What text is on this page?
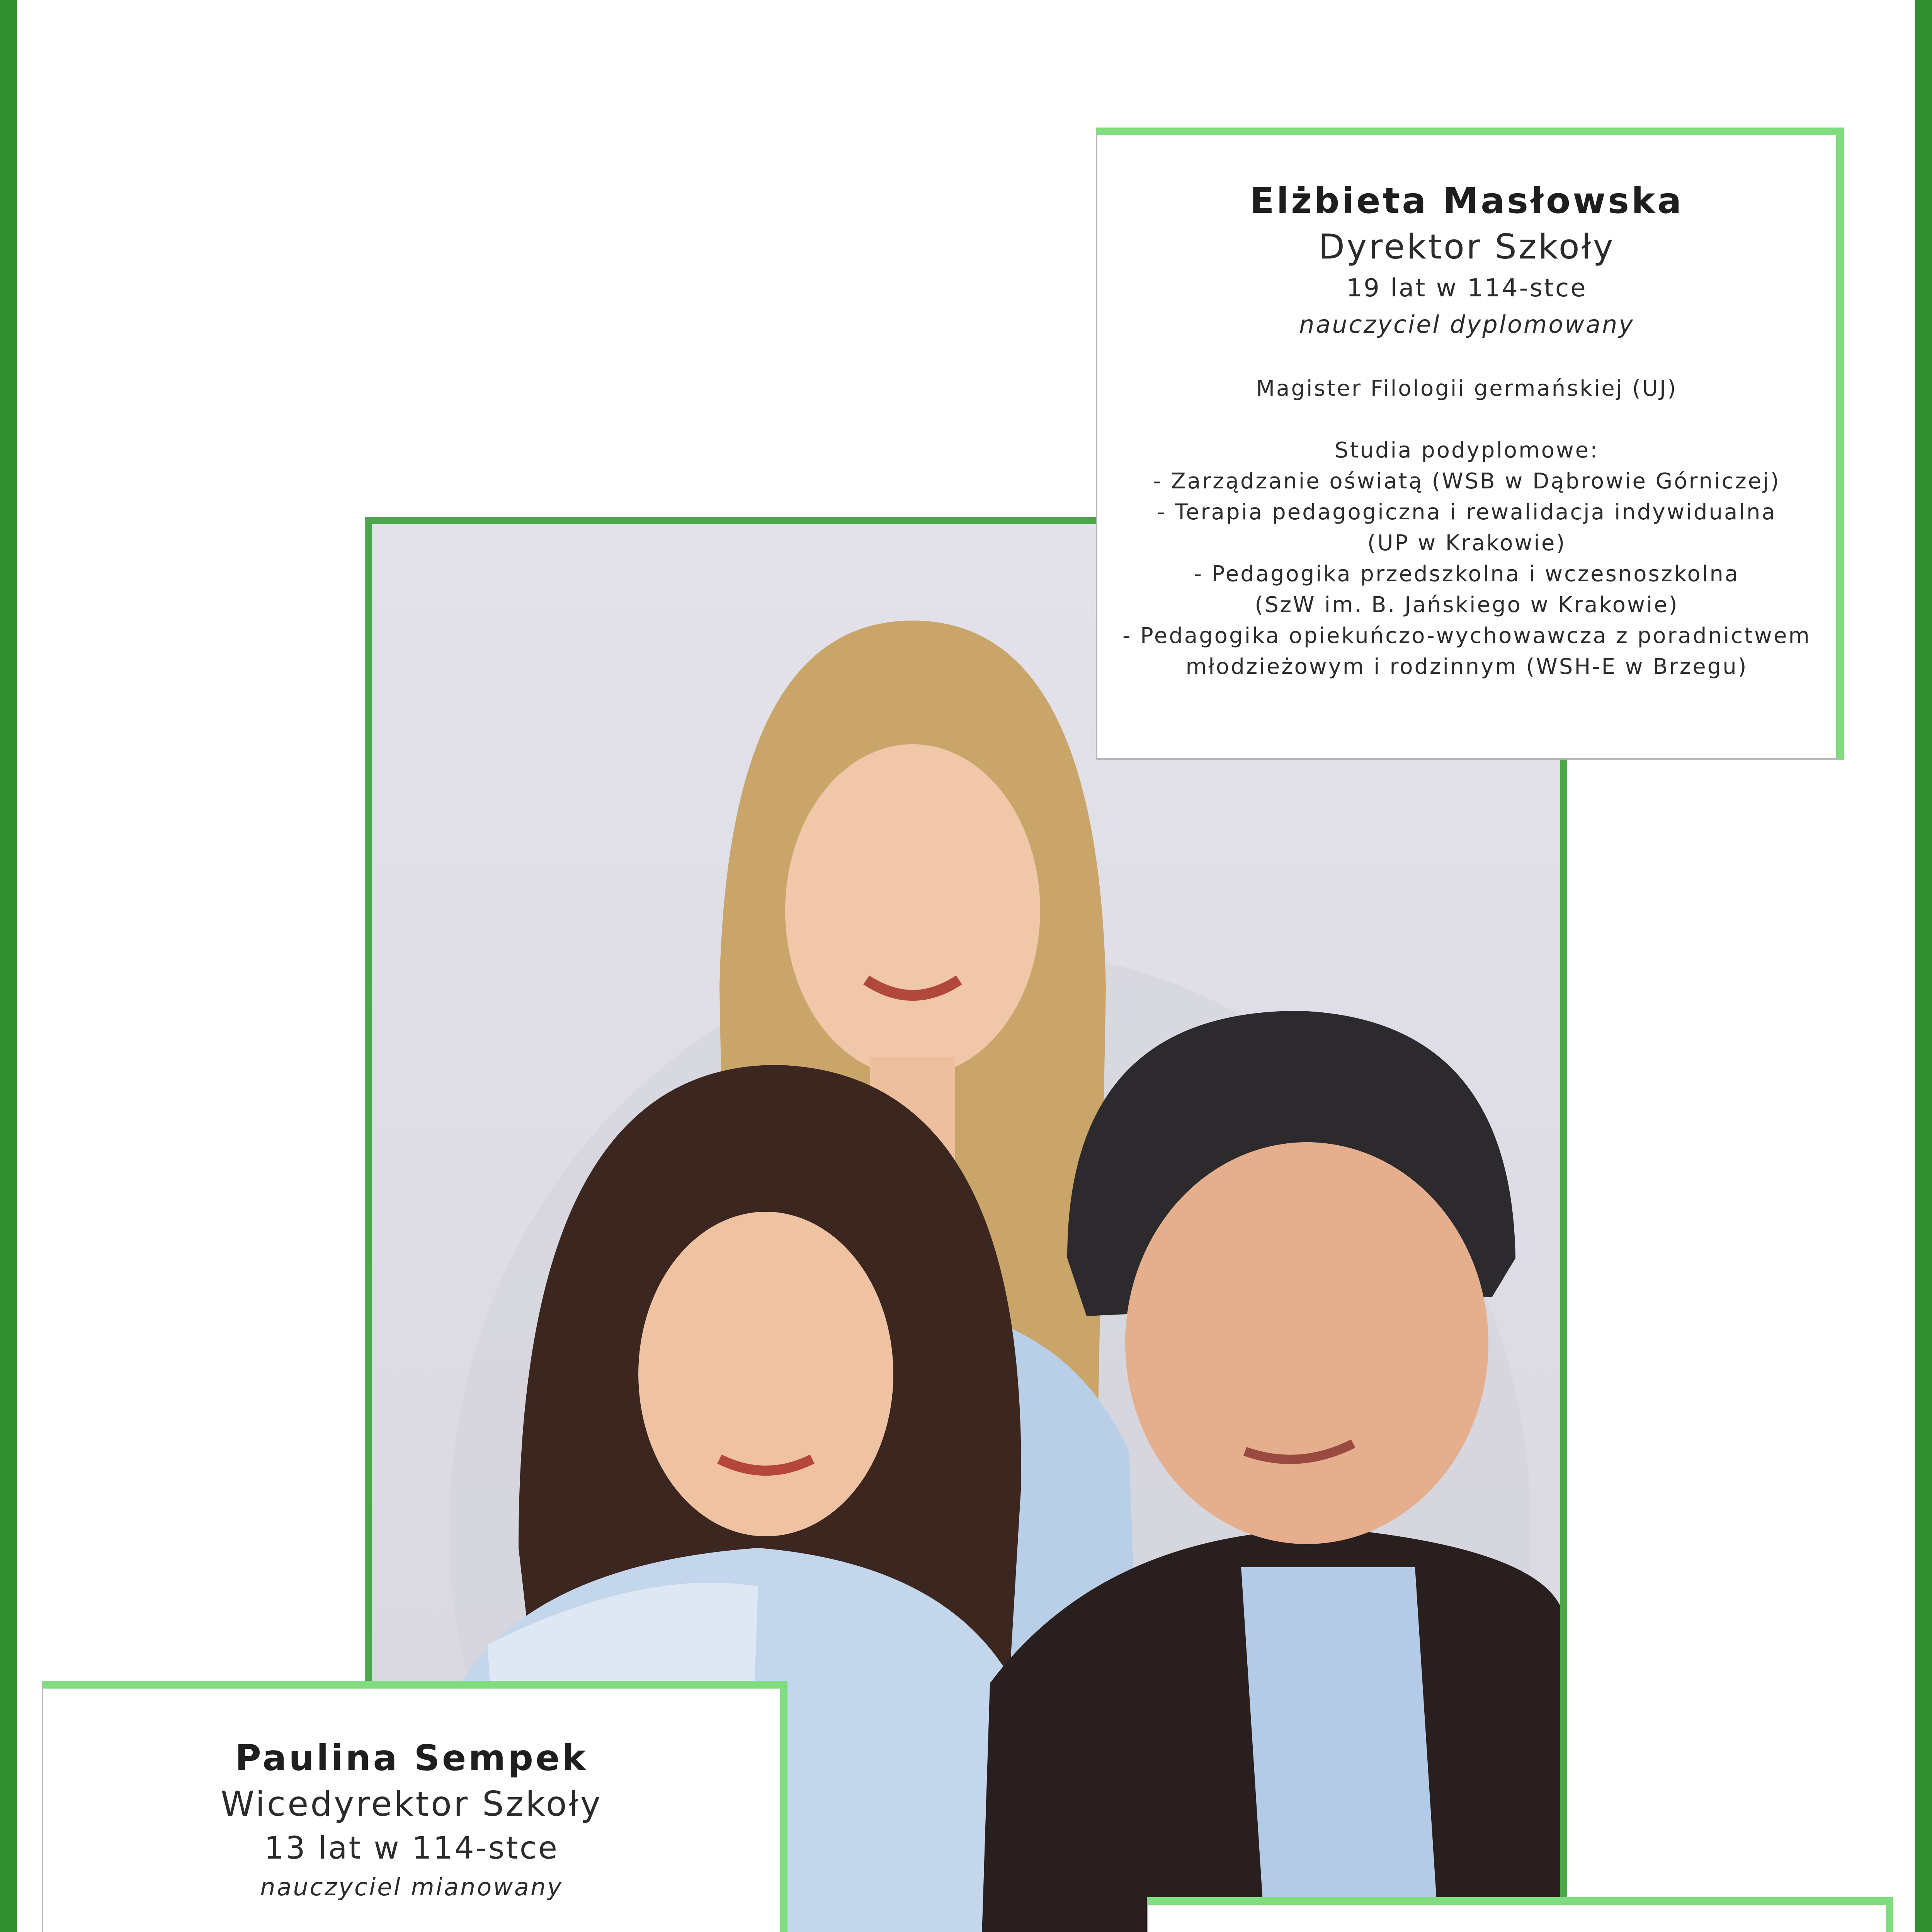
Elżbieta Masłowska
Dyrektor Szkoły
19 lat w 114-stce
nauczyciel dyplomowany
Magister Filologii germańskiej (UJ)
Studia podyplomowe:
- Zarządzanie oświatą (WSB w Dąbrowie Górniczej)
- Terapia pedagogiczna i rewalidacja indywidualna
(UP w Krakowie)
- Pedagogika przedszkolna i wczesnoszkolna
(SzW im. B. Jańskiego w Krakowie)
- Pedagogika opiekuńczo-wychowawcza z poradnictwem
młodzieżowym i rodzinnym (WSH-E w Brzegu)
Paulina Sempek
Wicedyrektor Szkoły
13 lat w 114-stce
nauczyciel mianowany
